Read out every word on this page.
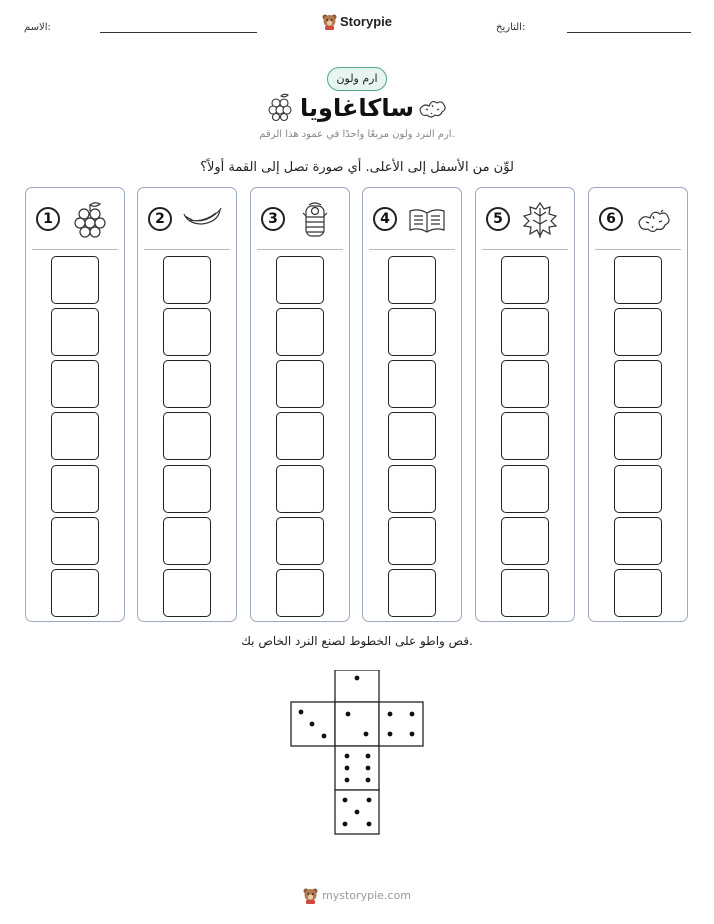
الاسم:	Storypie	التاريخ:
ارم ولون
ساكاغاويا
ارم النرد ولون مربعًا واحدًا في عمود هذا الرقم.
لوِّن من الأسفل إلى الأعلى. أي صورة تصل إلى القمة أولاً؟
1	2	3	4	5	6
قص واطو على الخطوط لصنع النرد الخاص بك.
mystorypie.com
